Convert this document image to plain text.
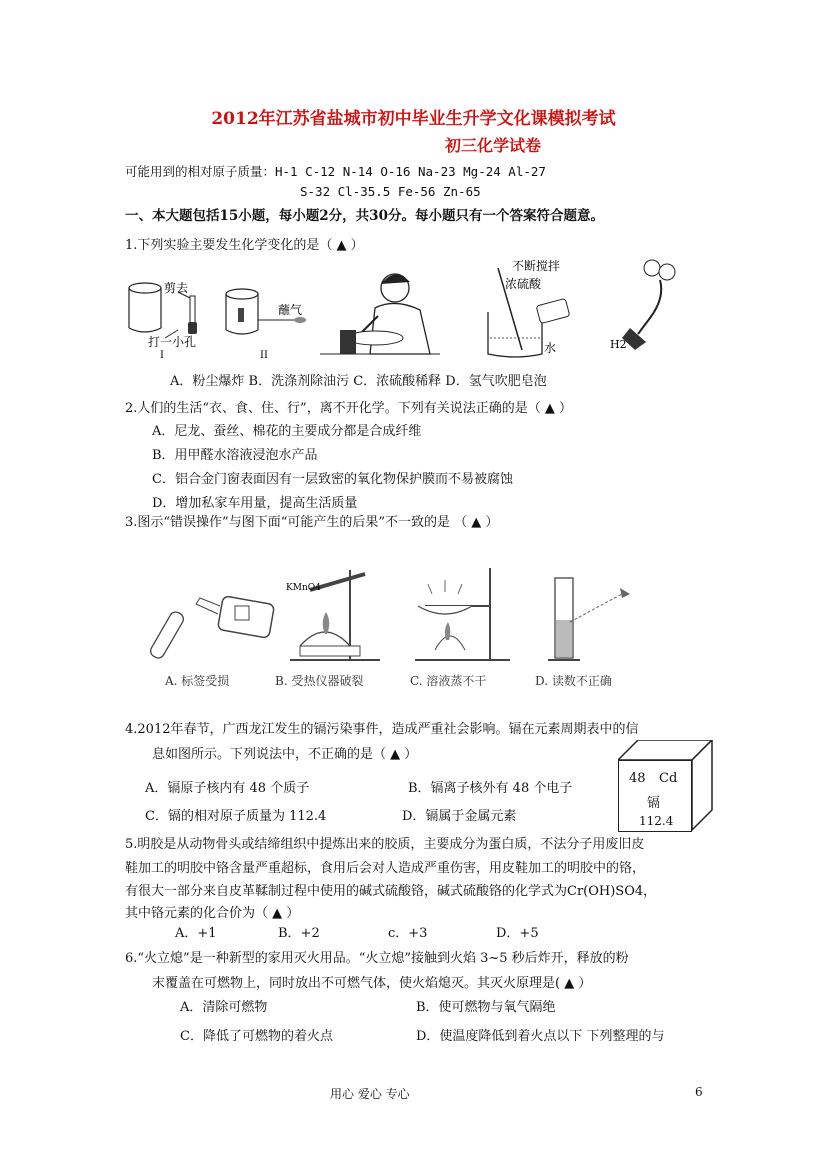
2012年江苏省盐城市初中毕业生升学文化课模拟考试
初三化学试卷
可能用到的相对原子质量：H-1 C-12 N-14 O-16 Na-23 Mg-24 Al-27
S-32 Cl-35.5 Fe-56 Zn-65
一、本大题包括15小题，每小题2分，共30分。每小题只有一个答案符合题意。
1.下列实验主要发生化学变化的是（ ▲ ）
剪去
打一小孔
I	II
蘸气
不断搅拌
浓硫酸
水	H2
A．粉尘爆炸 B．洗涤剂除油污 C．浓硫酸稀释 D．氢气吹肥皂泡
2.人们的生活“衣、食、住、行”，离不开化学。下列有关说法正确的是（ ▲ ）
A．尼龙、蚕丝、棉花的主要成分都是合成纤维
B．用甲醛水溶液浸泡水产品
C．铝合金门窗表面因有一层致密的氧化物保护膜而不易被腐蚀
D．增加私家车用量，提高生活质量
3.图示“错误操作”与图下面“可能产生的后果”不一致的是 （ ▲ ）
KMnO4
A. 标签受损	B. 受热仪器破裂	C. 溶液蒸不干	D. 读数不正确
4.2012年春节，广西龙江发生的镉污染事件，造成严重社会影响。镉在元素周期表中的信
息如图所示。下列说法中，不正确的是（ ▲ ）
A．镉原子核内有 48 个质子	B．镉离子核外有 48 个电子
C．镉的相对原子质量为 112.4	D．镉属于金属元素
48 Cd
镉
112.4
5.明胶是从动物骨头或结缔组织中提炼出来的胶质，主要成分为蛋白质，不法分子用废旧皮
鞋加工的明胶中铬含量严重超标，食用后会对人造成严重伤害，用皮鞋加工的明胶中的铬，
有很大一部分来自皮革鞣制过程中使用的碱式硫酸铬，碱式硫酸铬的化学式为Cr(OH)SO4，
其中铬元素的化合价为（ ▲ ）
A．+1	B．+2	c．+3	D．+5
6.“火立熄”是一种新型的家用灭火用品。“火立熄”接触到火焰 3~5 秒后炸开，释放的粉
末覆盖在可燃物上，同时放出不可燃气体，使火焰熄灭。其灭火原理是( ▲ ）
A．清除可燃物	B．使可燃物与氧气隔绝
C．降低了可燃物的着火点	D．使温度降低到着火点以下 下列整理的与
用心 爱心 专心	6
